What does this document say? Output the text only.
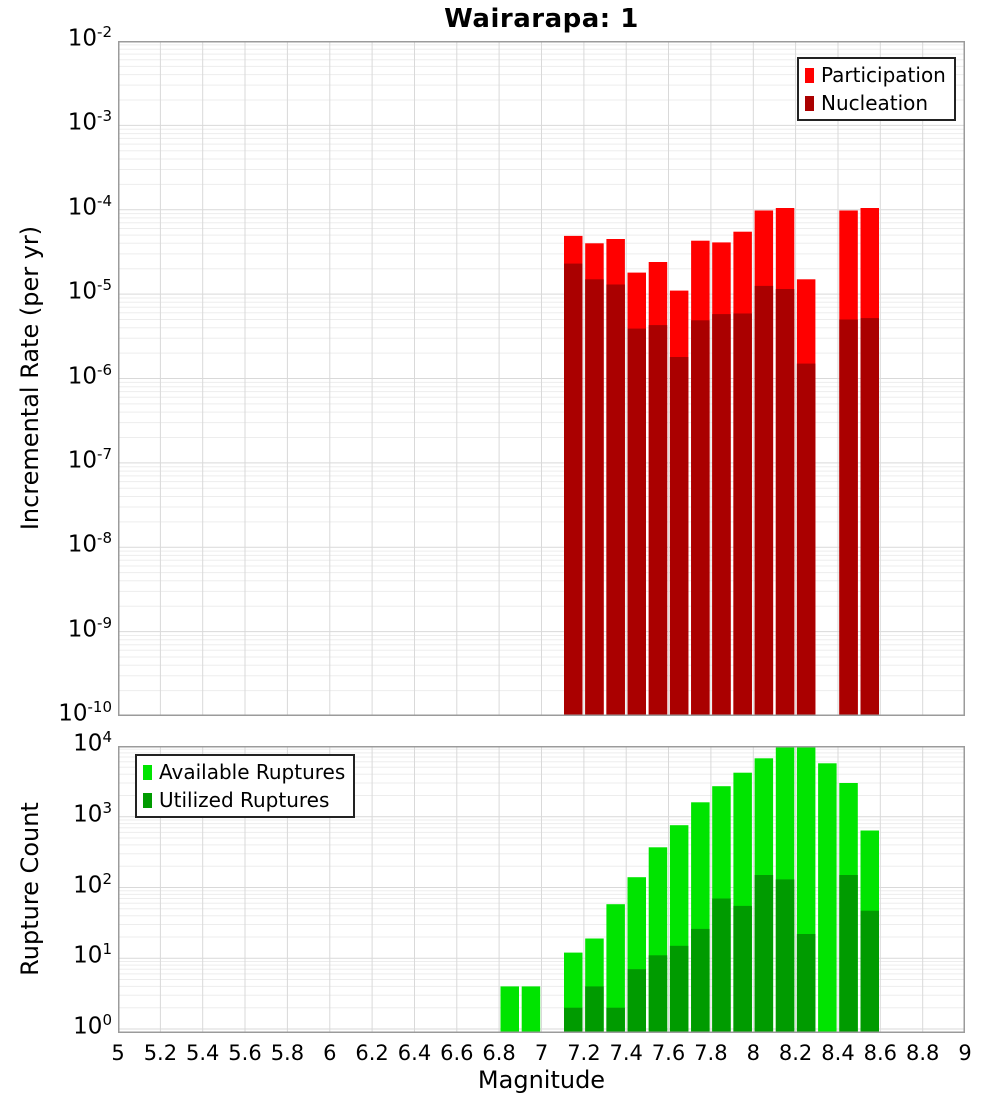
Wairarapa: 1
Incremental Rate (per yr)
Rupture Count
Magnitude
$10^{-2}$
$10^{-3}$
$10^{-4}$
$10^{-5}$
$10^{-6}$
$10^{-7}$
$10^{-8}$
$10^{-9}$
$10^{-10}$
$10^4$
$10^3$
$10^2$
$10^1$
$10^0$
5 5.2 5.4 5.6 5.8 6 6.2 6.4 6.6 6.8 7 7.2 7.4 7.6 7.8 8 8.2 8.4 8.6 8.8 9
Participation
Nucleation
Available Ruptures
Utilized Ruptures
